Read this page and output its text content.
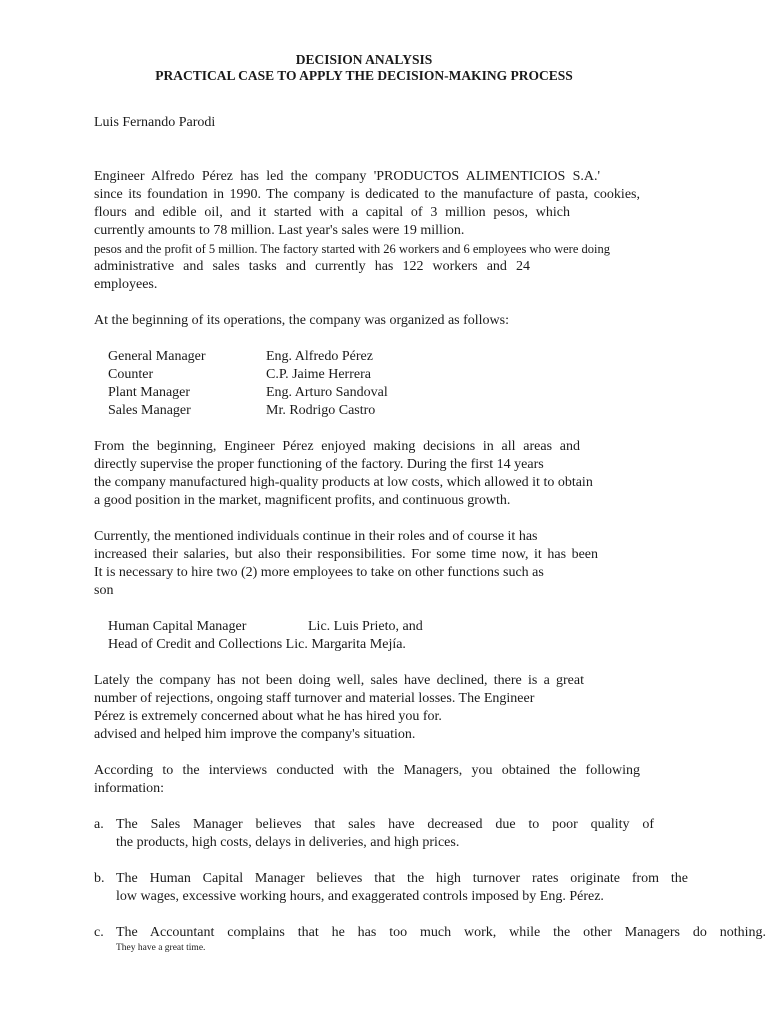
DECISION ANALYSIS
PRACTICAL CASE TO APPLY THE DECISION-MAKING PROCESS
Luis Fernando Parodi
Engineer Alfredo Pérez has led the company 'PRODUCTOS ALIMENTICIOS S.A.'
since its foundation in 1990. The company is dedicated to the manufacture of pasta, cookies,
flours and edible oil, and it started with a capital of 3 million pesos, which
currently amounts to 78 million. Last year's sales were 19 million.
pesos and the profit of 5 million. The factory started with 26 workers and 6 employees who were doing
administrative and sales tasks and currently has 122 workers and 24
employees.
At the beginning of its operations, the company was organized as follows:
General Manager	Eng. Alfredo Pérez
Counter	C.P. Jaime Herrera
Plant Manager	Eng. Arturo Sandoval
Sales Manager	Mr. Rodrigo Castro
From the beginning, Engineer Pérez enjoyed making decisions in all areas and
directly supervise the proper functioning of the factory. During the first 14 years
the company manufactured high-quality products at low costs, which allowed it to obtain
a good position in the market, magnificent profits, and continuous growth.
Currently, the mentioned individuals continue in their roles and of course it has
increased their salaries, but also their responsibilities. For some time now, it has been
It is necessary to hire two (2) more employees to take on other functions such as
son
Human Capital Manager	Lic. Luis Prieto, and
Head of Credit and Collections Lic. Margarita Mejía.
Lately the company has not been doing well, sales have declined, there is a great
number of rejections, ongoing staff turnover and material losses. The Engineer
Pérez is extremely concerned about what he has hired you for.
advised and helped him improve the company's situation.
According to the interviews conducted with the Managers, you obtained the following
information:
a. The Sales Manager believes that sales have decreased due to poor quality of
the products, high costs, delays in deliveries, and high prices.
b. The Human Capital Manager believes that the high turnover rates originate from the
low wages, excessive working hours, and exaggerated controls imposed by Eng. Pérez.
c. The Accountant complains that he has too much work, while the other Managers do nothing.
They have a great time.
